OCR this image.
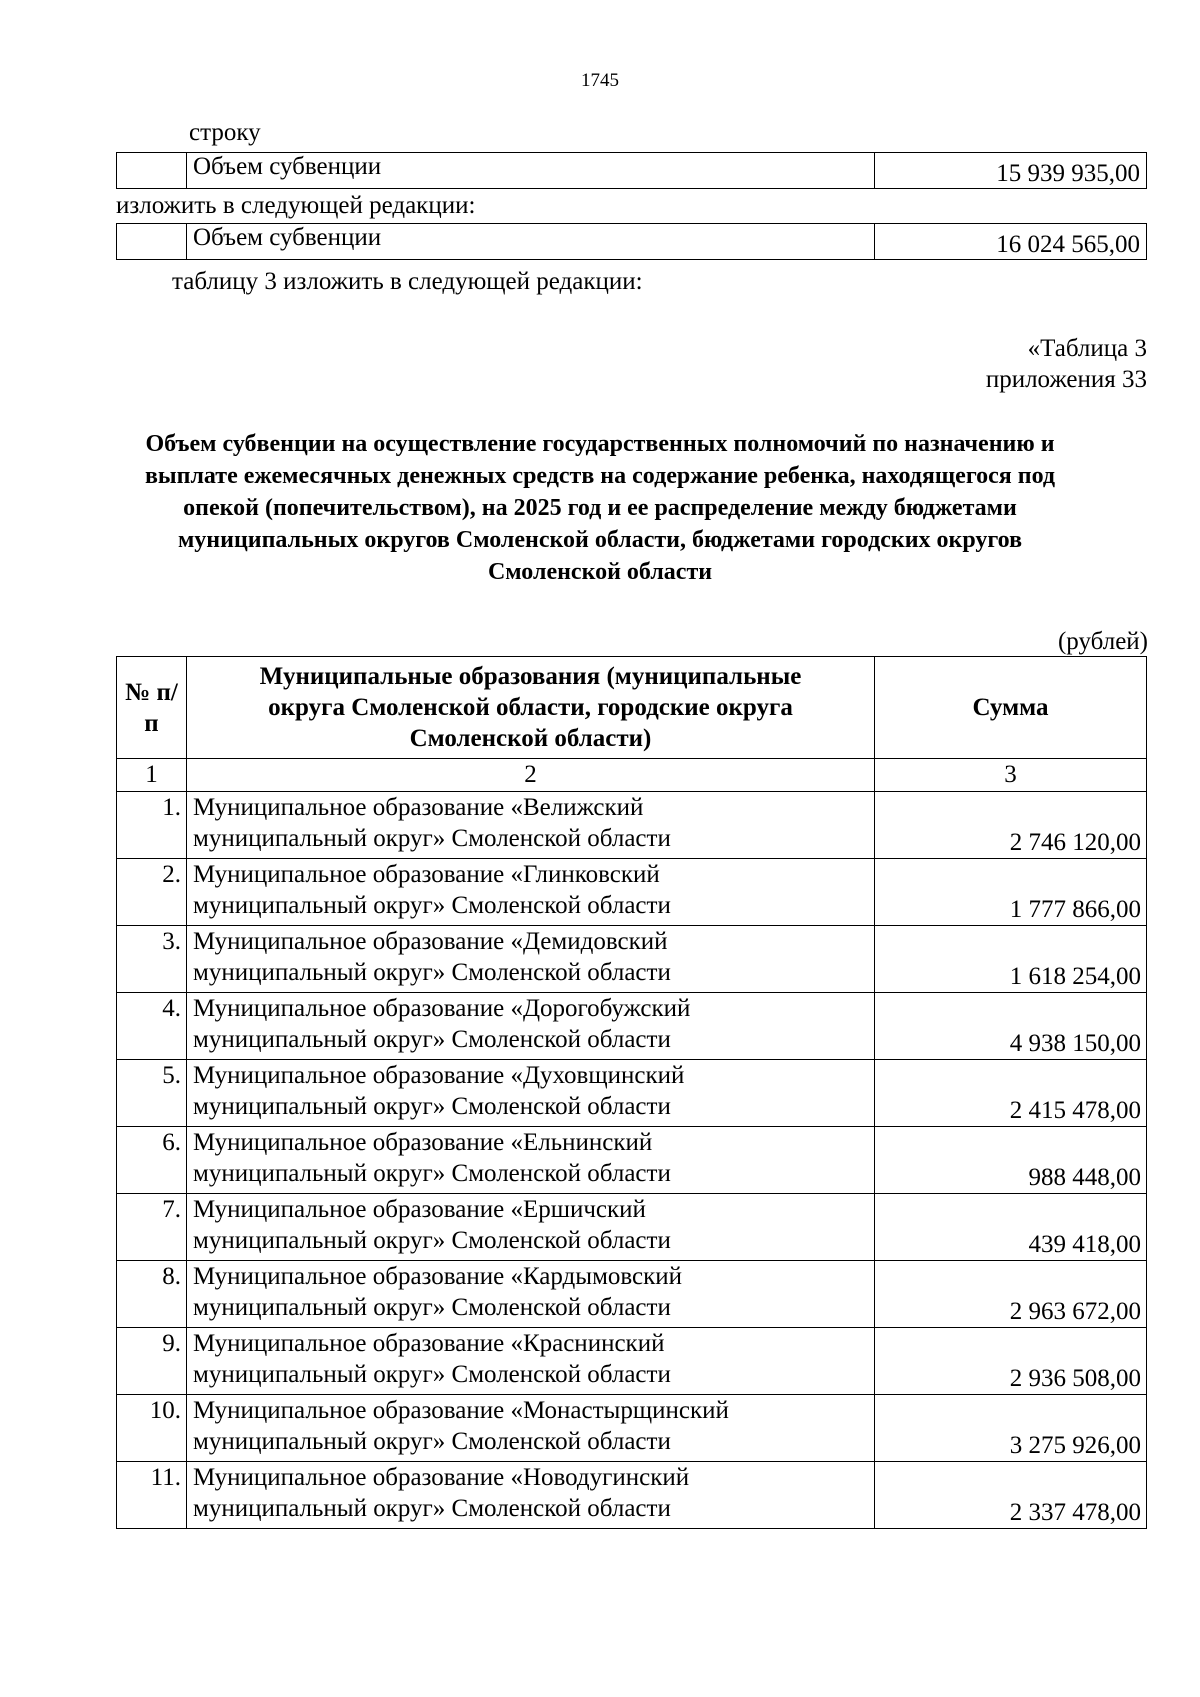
1745
строку
	Объем субвенции	15 939 935,00
изложить в следующей редакции:
	Объем субвенции	16 024 565,00
таблицу 3 изложить в следующей редакции:
«Таблица 3
приложения 33
Объем субвенции на осуществление государственных полномочий по назначению и выплате ежемесячных денежных средств на содержание ребенка, находящегося под опекой (попечительством), на 2025 год и ее распределение между бюджетами муниципальных округов Смоленской области, бюджетами городских округов Смоленской области
(рублей)
№ п/п	Муниципальные образования (муниципальные округа Смоленской области, городские округа Смоленской области)	Сумма
1	2	3
1.	Муниципальное образование «Велижский
муниципальный округ» Смоленской области	2 746 120,00
2.	Муниципальное образование «Глинковский
муниципальный округ» Смоленской области	1 777 866,00
3.	Муниципальное образование «Демидовский
муниципальный округ» Смоленской области	1 618 254,00
4.	Муниципальное образование «Дорогобужский
муниципальный округ» Смоленской области	4 938 150,00
5.	Муниципальное образование «Духовщинский
муниципальный округ» Смоленской области	2 415 478,00
6.	Муниципальное образование «Ельнинский
муниципальный округ» Смоленской области	988 448,00
7.	Муниципальное образование «Ершичский
муниципальный округ» Смоленской области	439 418,00
8.	Муниципальное образование «Кардымовский
муниципальный округ» Смоленской области	2 963 672,00
9.	Муниципальное образование «Краснинский
муниципальный округ» Смоленской области	2 936 508,00
10.	Муниципальное образование «Монастырщинский
муниципальный округ» Смоленской области	3 275 926,00
11.	Муниципальное образование «Новодугинский
муниципальный округ» Смоленской области	2 337 478,00
